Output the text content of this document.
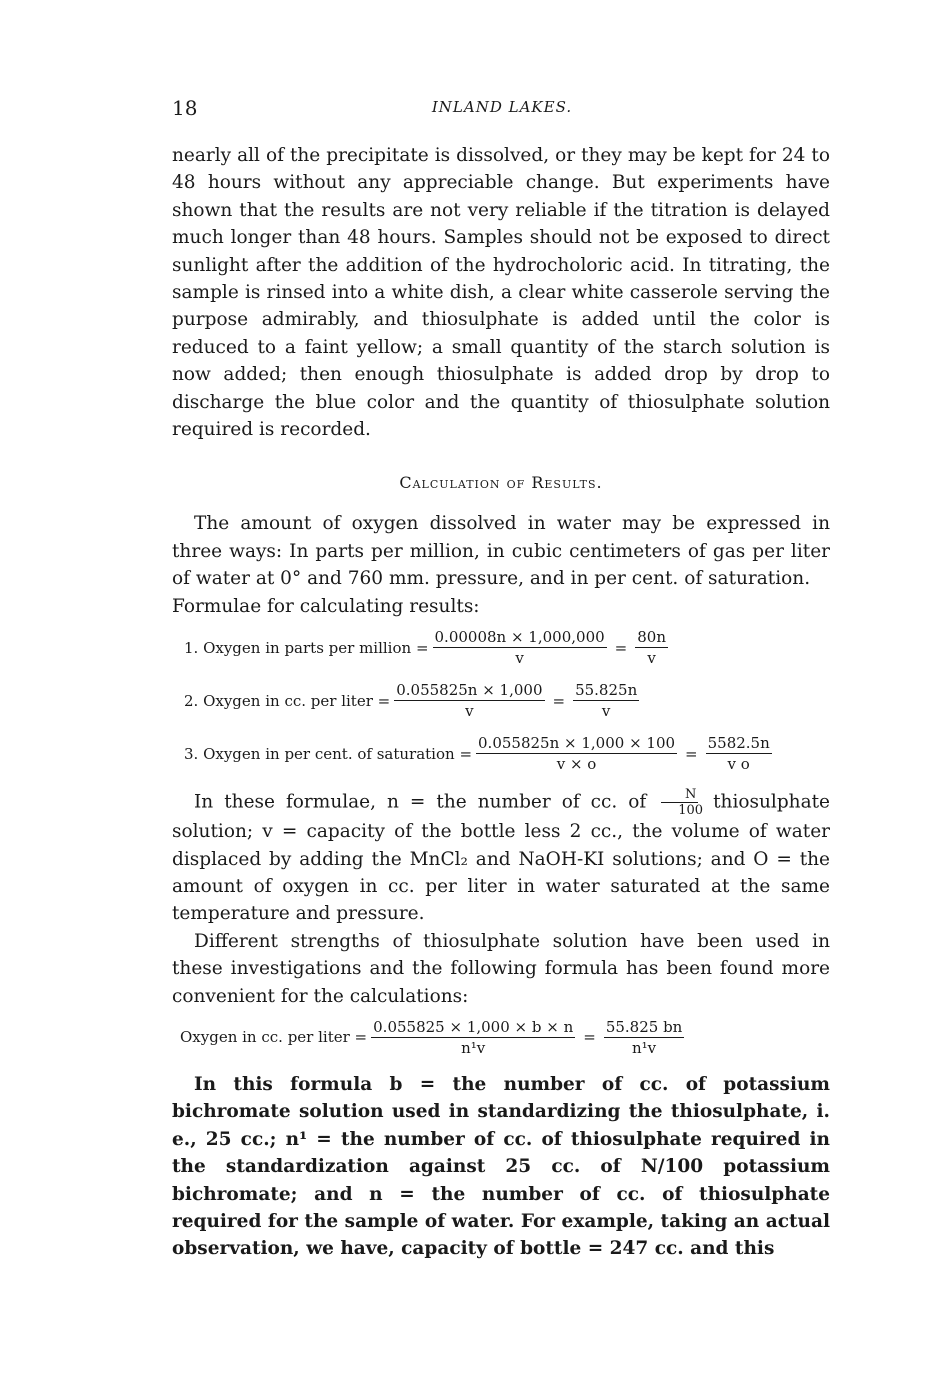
18	INLAND LAKES.

nearly all of the precipitate is dissolved, or they may be kept for 24 to 48 hours without any appreciable change. But experiments have shown that the results are not very reliable if the titration is delayed much longer than 48 hours. Samples should not be exposed to direct sunlight after the addition of the hydrocholoric acid. In titrating, the sample is rinsed into a white dish, a clear white casserole serving the purpose admirably, and thiosulphate is added until the color is reduced to a faint yellow; a small quantity of the starch solution is now added; then enough thiosulphate is added drop by drop to discharge the blue color and the quantity of thiosulphate solution required is recorded.

Calculation of Results.

The amount of oxygen dissolved in water may be expressed in three ways: In parts per million, in cubic centimeters of gas per liter of water at 0° and 760 mm. pressure, and in per cent. of saturation.

Formulae for calculating results:

1. Oxygen in parts per million = $\frac{0.00008n \times 1,000,000}{v} = \frac{80n}{v}$
2. Oxygen in cc. per liter = $\frac{0.055825n \times 1,000}{v} = \frac{55.825n}{v}$
3. Oxygen in per cent. of saturation = $\frac{0.055825n \times 1,000 \times 100}{v \times o} = \frac{5582.5n}{\text{v o}}$

In these formulae, n = the number of cc. of $\frac{N}{100}$ thiosulphate solution; v = capacity of the bottle less 2 cc., the volume of water displaced by adding the MnCl₂ and NaOH-KI solutions; and O = the amount of oxygen in cc. per liter in water saturated at the same temperature and pressure.

Different strengths of thiosulphate solution have been used in these investigations and the following formula has been found more convenient for the calculations:

Oxygen in cc. per liter = $\frac{0.055825 \times 1,000 \times b \times n}{\text{n¹v}} = \frac{55.825 bn}{\text{n¹v}}$

In this formula b = the number of cc. of potassium bichromate solution used in standardizing the thiosulphate, i. e., 25 cc.; n¹ = the number of cc. of thiosulphate required in the standardization against 25 cc. of N/100 potassium bichromate; and n = the number of cc. of thiosulphate required for the sample of water. For example, taking an actual observation, we have, capacity of bottle = 247 cc. and this
